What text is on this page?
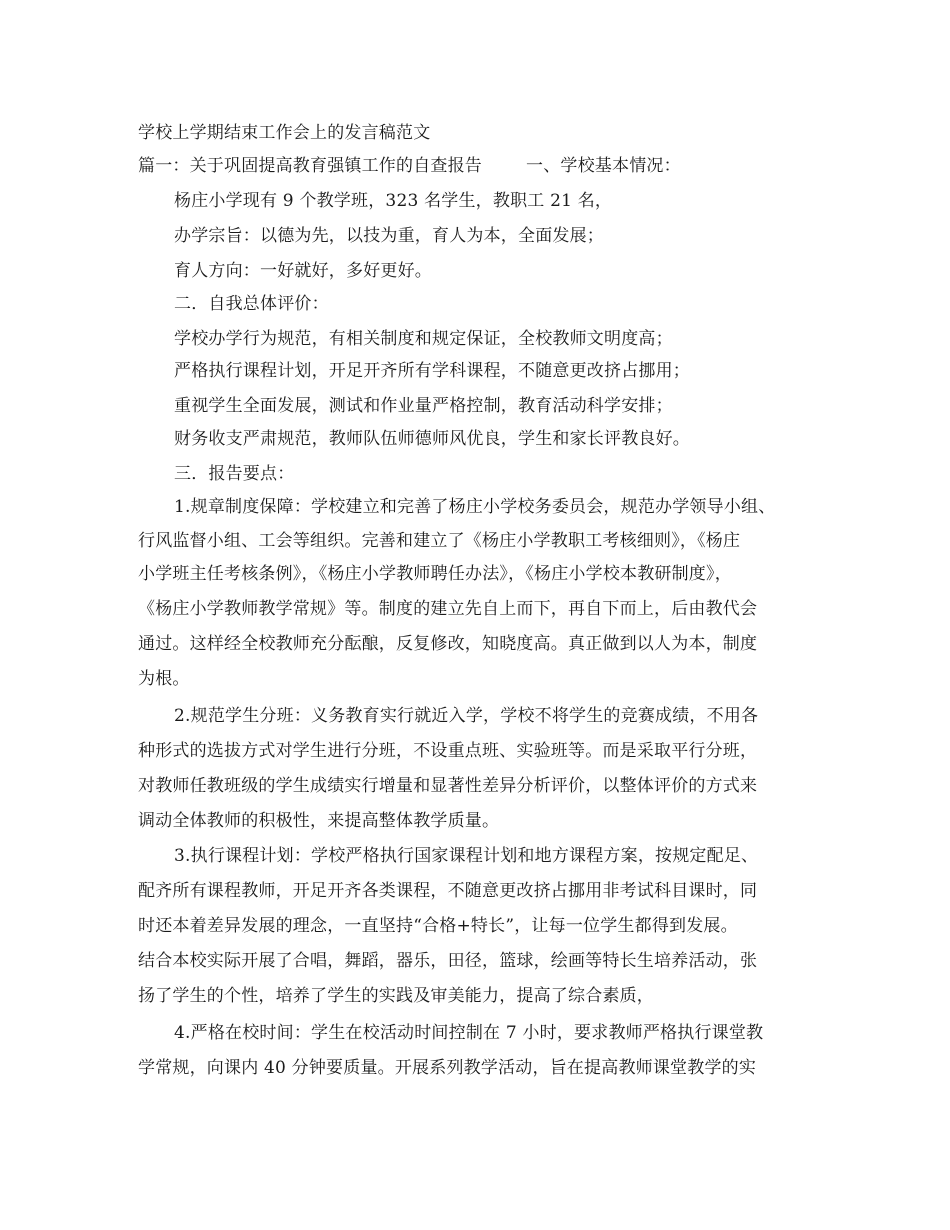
学校上学期结束工作会上的发言稿范文
篇一：关于巩固提高教育强镇工作的自查报告	一、学校基本情况：
杨庄小学现有 9 个教学班，323 名学生，教职工 21 名，
办学宗旨：以德为先，以技为重，育人为本，全面发展；
育人方向：一好就好，多好更好。
二．自我总体评价：
学校办学行为规范，有相关制度和规定保证，全校教师文明度高；
严格执行课程计划，开足开齐所有学科课程，不随意更改挤占挪用；
重视学生全面发展，测试和作业量严格控制，教育活动科学安排；
财务收支严肃规范，教师队伍师德师风优良，学生和家长评教良好。
三．报告要点：
1.规章制度保障：学校建立和完善了杨庄小学校务委员会，规范办学领导小组、
行风监督小组、工会等组织。完善和建立了《杨庄小学教职工考核细则》，《杨庄
小学班主任考核条例》，《杨庄小学教师聘任办法》，《杨庄小学校本教研制度》，
《杨庄小学教师教学常规》等。制度的建立先自上而下，再自下而上，后由教代会
通过。这样经全校教师充分酝酿，反复修改，知晓度高。真正做到以人为本，制度
为根。
2.规范学生分班：义务教育实行就近入学，学校不将学生的竞赛成绩，不用各
种形式的选拔方式对学生进行分班，不设重点班、实验班等。而是采取平行分班，
对教师任教班级的学生成绩实行增量和显著性差异分析评价，以整体评价的方式来
调动全体教师的积极性，来提高整体教学质量。
3.执行课程计划：学校严格执行国家课程计划和地方课程方案，按规定配足、
配齐所有课程教师，开足开齐各类课程，不随意更改挤占挪用非考试科目课时，同
时还本着差异发展的理念，一直坚持“合格+特长”，让每一位学生都得到发展。
结合本校实际开展了合唱，舞蹈，器乐，田径，篮球，绘画等特长生培养活动，张
扬了学生的个性，培养了学生的实践及审美能力，提高了综合素质，
4.严格在校时间：学生在校活动时间控制在 7 小时，要求教师严格执行课堂教
学常规，向课内 40 分钟要质量。开展系列教学活动，旨在提高教师课堂教学的实
